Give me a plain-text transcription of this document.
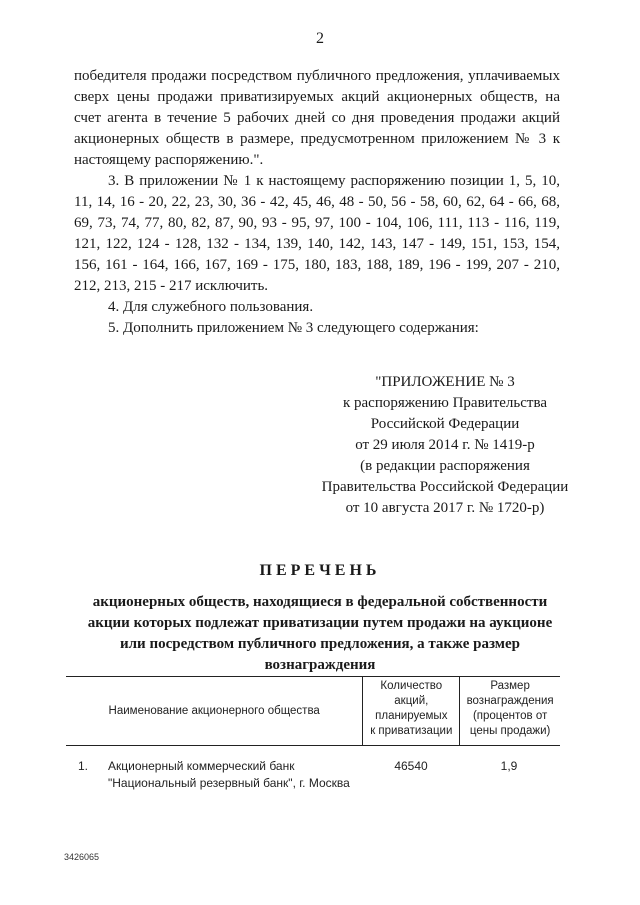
2

победителя продажи посредством публичного предложения, уплачиваемых сверх цены продажи приватизируемых акций акционерных обществ, на счет агента в течение 5 рабочих дней со дня проведения продажи акций акционерных обществ в размере, предусмотренном приложением № 3 к настоящему распоряжению.".

3. В приложении № 1 к настоящему распоряжению позиции 1, 5, 10, 11, 14, 16 - 20, 22, 23, 30, 36 - 42, 45, 46, 48 - 50, 56 - 58, 60, 62, 64 - 66, 68, 69, 73, 74, 77, 80, 82, 87, 90, 93 - 95, 97, 100 - 104, 106, 111, 113 - 116, 119, 121, 122, 124 - 128, 132 - 134, 139, 140, 142, 143, 147 - 149, 151, 153, 154, 156, 161 - 164, 166, 167, 169 - 175, 180, 183, 188, 189, 196 - 199, 207 - 210, 212, 213, 215 - 217 исключить.

4. Для служебного пользования.

5. Дополнить приложением № 3 следующего содержания:

"ПРИЛОЖЕНИЕ № 3
к распоряжению Правительства
Российской Федерации
от 29 июля 2014 г. № 1419-р
(в редакции распоряжения
Правительства Российской Федерации
от 10 августа 2017 г. № 1720-р)
ПЕРЕЧЕНЬ
акционерных обществ, находящиеся в федеральной собственности
акции которых подлежат приватизации путем продажи на аукционе
или посредством публичного предложения, а также размер
вознаграждения
Наименование акционерного общества
Количество
акций,
планируемых
к приватизации
Размер
вознаграждения
(процентов от
цены продажи)
1.	Акционерный коммерческий банк
"Национальный резервный банк", г. Москва
46540	1,9
3426065
